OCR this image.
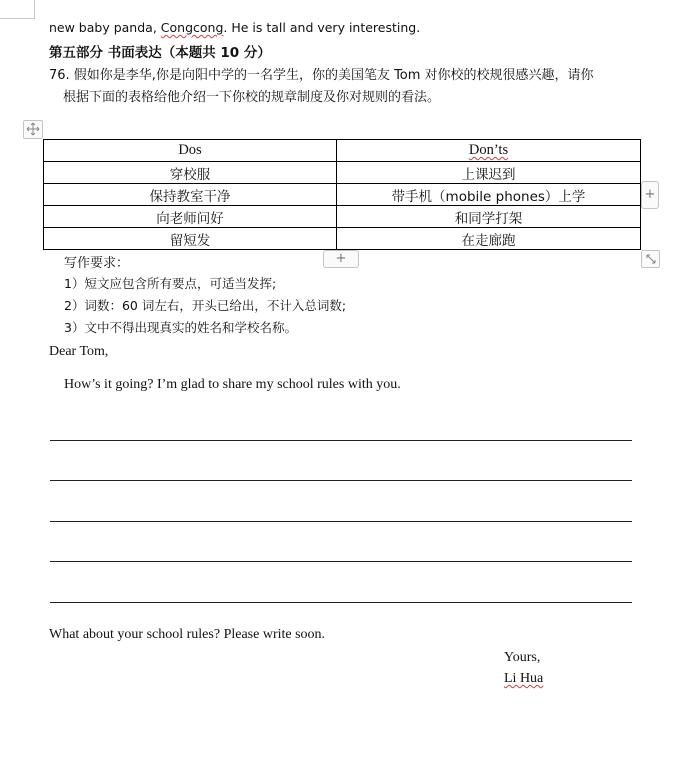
new baby panda, Congcong. He is tall and very interesting.
第五部分 书面表达（本题共 10 分）
76. 假如你是李华,你是向阳中学的一名学生，你的美国笔友 Tom 对你校的校规很感兴趣，请你
根据下面的表格给他介绍一下你校的规章制度及你对规则的看法。
Dos	Don’ts
穿校服	上课迟到
保持教室干净	带手机（mobile phones）上学
向老师问好	和同学打架
留短发	在走廊跑
+
+
写作要求：
1）短文应包含所有要点，可适当发挥;
2）词数：60 词左右，开头已给出，不计入总词数;
3）文中不得出现真实的姓名和学校名称。
Dear Tom,
How’s it going? I’m glad to share my school rules with you.
What about your school rules? Please write soon.
Yours,
Li Hua
